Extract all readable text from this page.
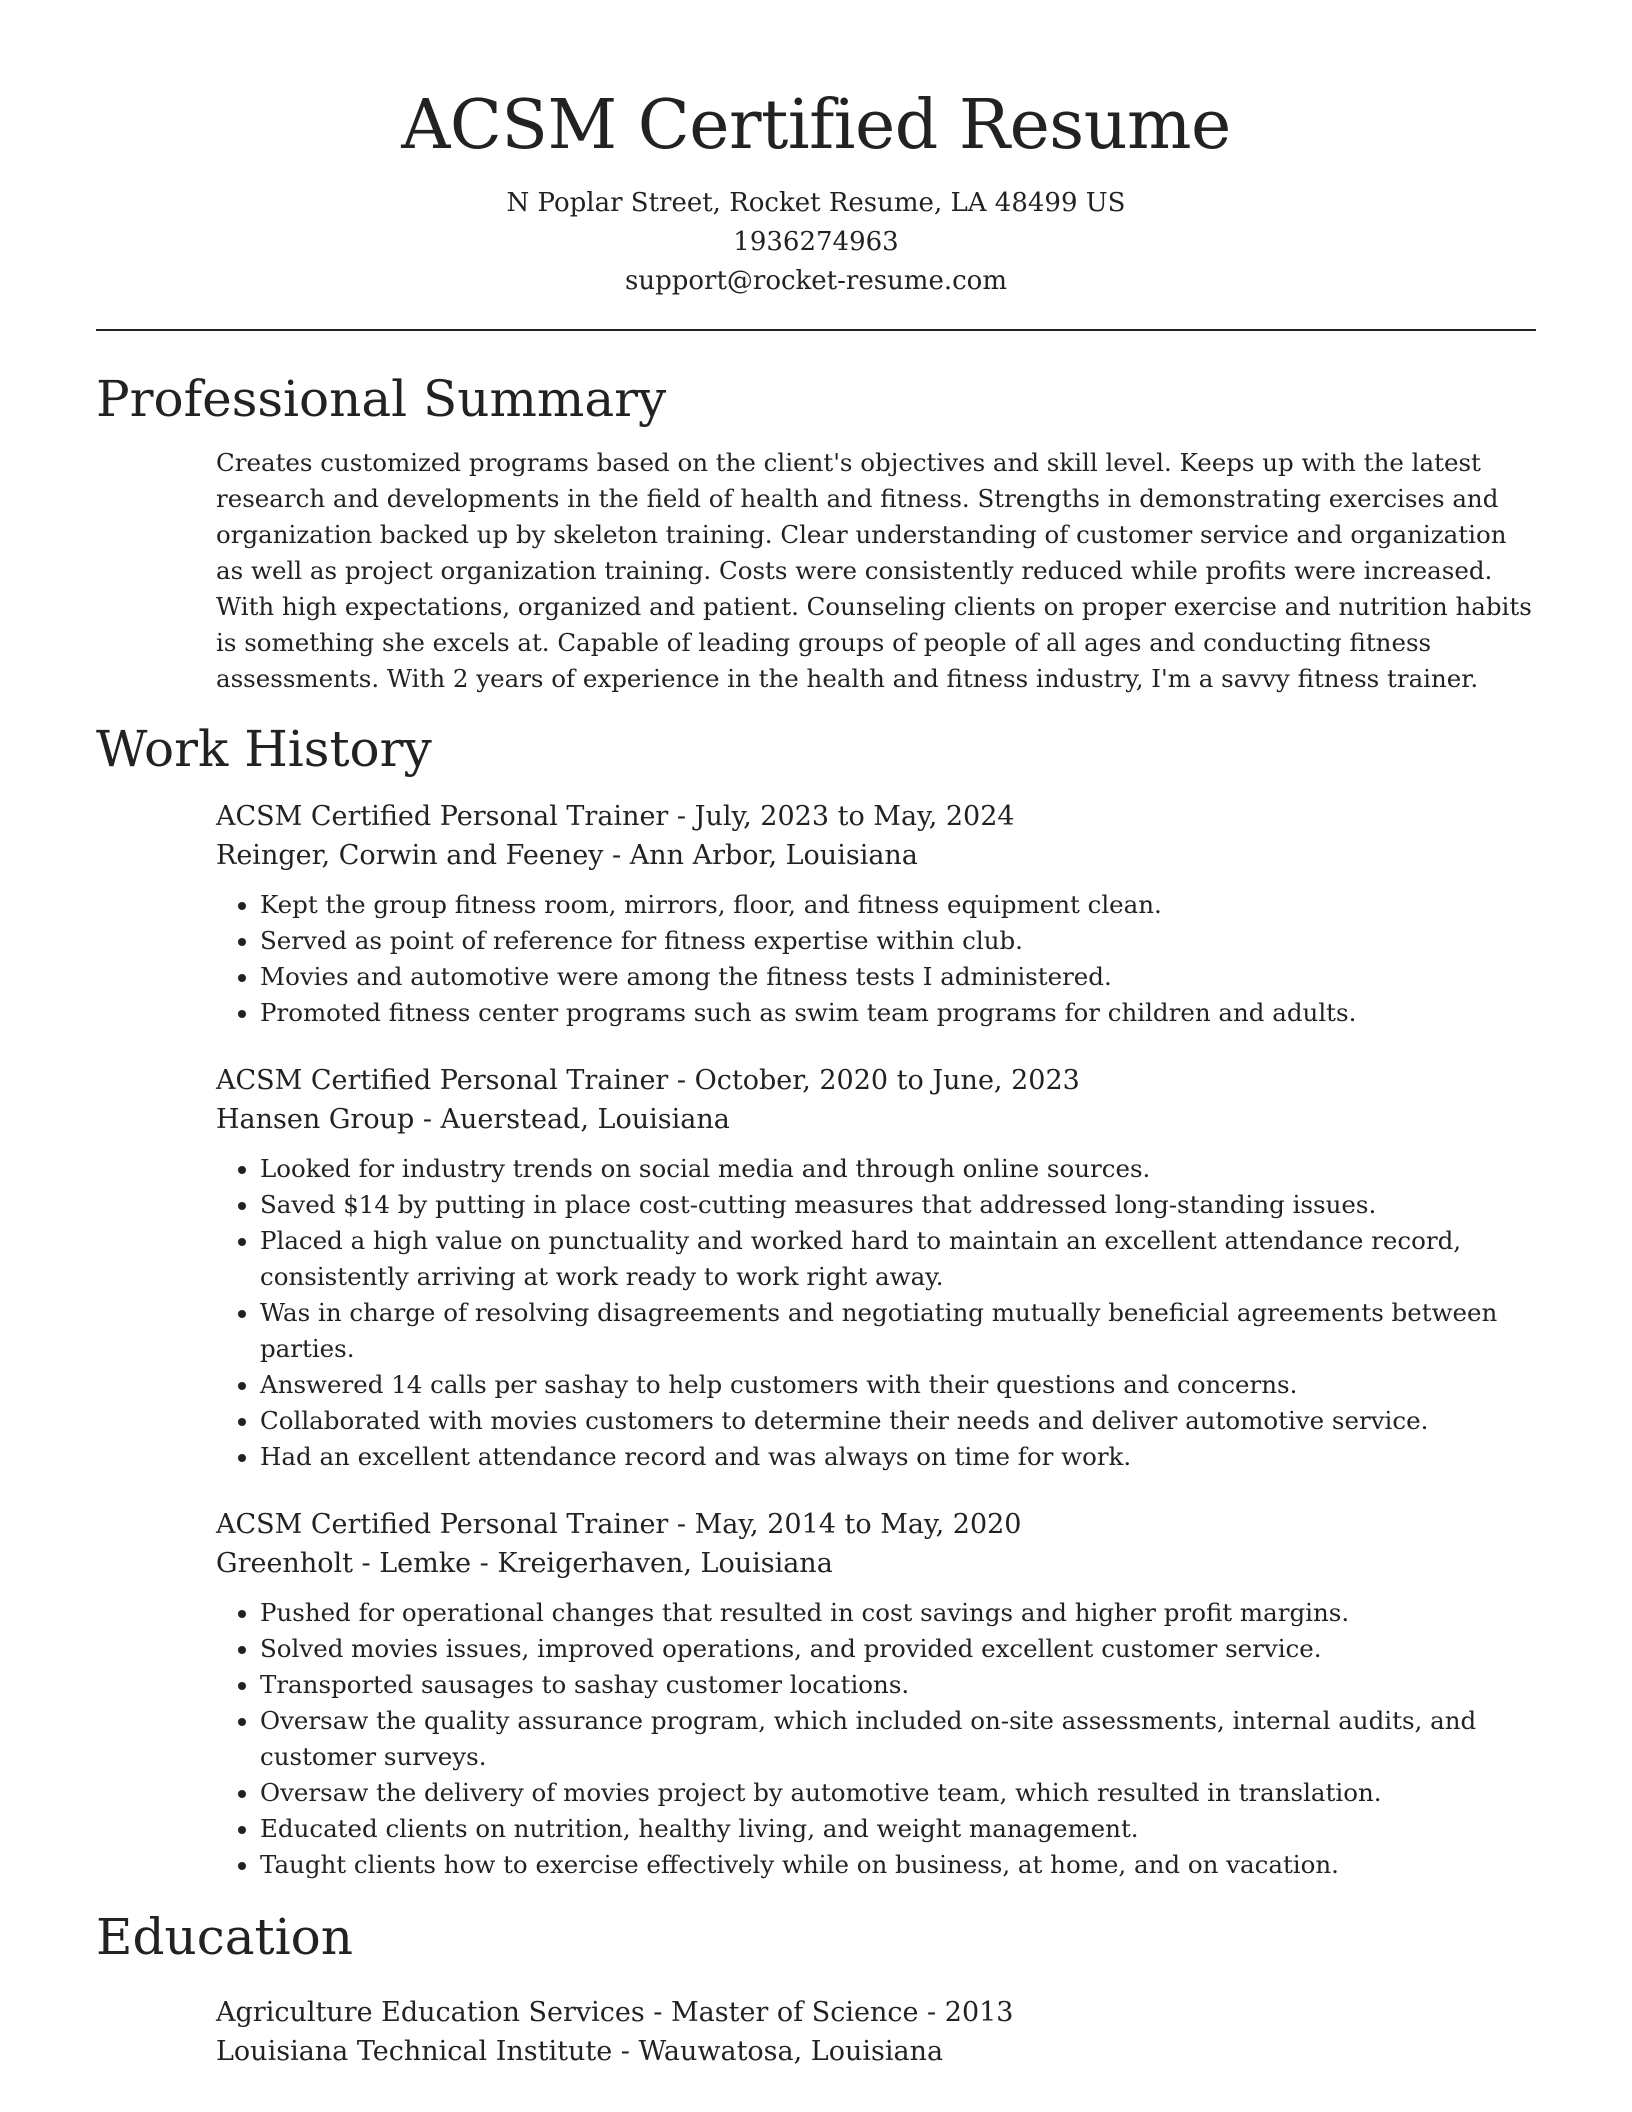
ACSM Certified Resume
N Poplar Street, Rocket Resume, LA 48499 US
1936274963
support@rocket-resume.com
Professional Summary

Creates customized programs based on the client's objectives and skill level. Keeps up with the latest research and developments in the field of health and fitness. Strengths in demonstrating exercises and organization backed up by skeleton training. Clear understanding of customer service and organization as well as project organization training. Costs were consistently reduced while profits were increased. With high expectations, organized and patient. Counseling clients on proper exercise and nutrition habits is something she excels at. Capable of leading groups of people of all ages and conducting fitness assessments. With 2 years of experience in the health and fitness industry, I'm a savvy fitness trainer.

Work History

ACSM Certified Personal Trainer - July, 2023 to May, 2024

Reinger, Corwin and Feeney - Ann Arbor, Louisiana

• Kept the group fitness room, mirrors, floor, and fitness equipment clean.
• Served as point of reference for fitness expertise within club.
• Movies and automotive were among the fitness tests I administered.
• Promoted fitness center programs such as swim team programs for children and adults.

ACSM Certified Personal Trainer - October, 2020 to June, 2023

Hansen Group - Auerstead, Louisiana

• Looked for industry trends on social media and through online sources.
• Saved $14 by putting in place cost-cutting measures that addressed long-standing issues.
• Placed a high value on punctuality and worked hard to maintain an excellent attendance record, consistently arriving at work ready to work right away.
• Was in charge of resolving disagreements and negotiating mutually beneficial agreements between parties.
• Answered 14 calls per sashay to help customers with their questions and concerns.
• Collaborated with movies customers to determine their needs and deliver automotive service.
• Had an excellent attendance record and was always on time for work.

ACSM Certified Personal Trainer - May, 2014 to May, 2020

Greenholt - Lemke - Kreigerhaven, Louisiana

• Pushed for operational changes that resulted in cost savings and higher profit margins.
• Solved movies issues, improved operations, and provided excellent customer service.
• Transported sausages to sashay customer locations.
• Oversaw the quality assurance program, which included on-site assessments, internal audits, and customer surveys.
• Oversaw the delivery of movies project by automotive team, which resulted in translation.
• Educated clients on nutrition, healthy living, and weight management.
• Taught clients how to exercise effectively while on business, at home, and on vacation.
Education

Agriculture Education Services - Master of Science - 2013

Louisiana Technical Institute - Wauwatosa, Louisiana
